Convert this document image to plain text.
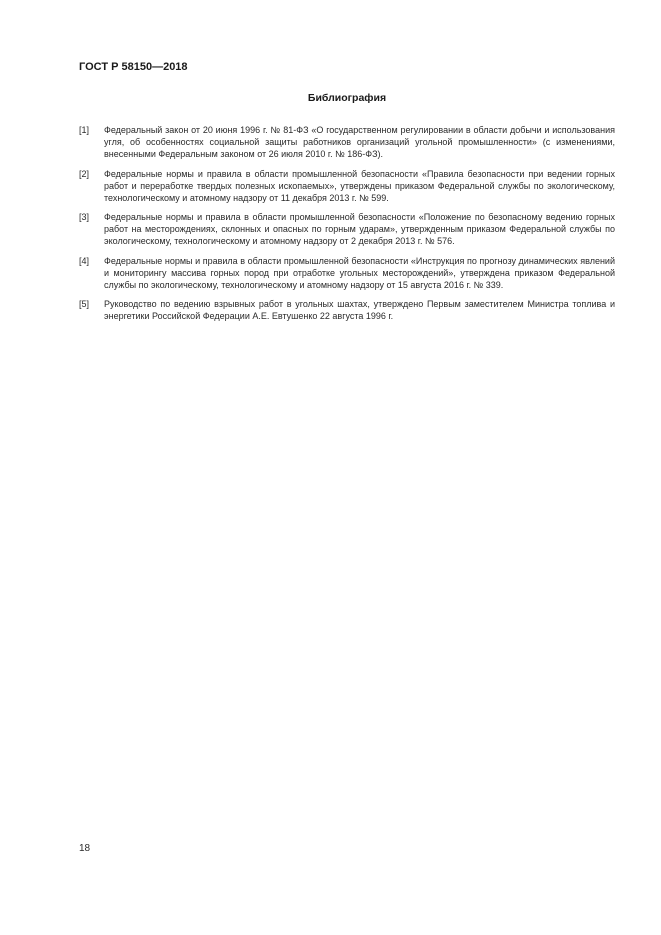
ГОСТ Р 58150—2018
Библиография
[1]	Федеральный закон от 20 июня 1996 г. № 81-ФЗ «О государственном регулировании в области добычи и использования угля, об особенностях социальной защиты работников организаций угольной промышленности» (с изменениями, внесенными Федеральным законом от 26 июля 2010 г. № 186-ФЗ).
[2]	Федеральные нормы и правила в области промышленной безопасности «Правила безопасности при ведении горных работ и переработке твердых полезных ископаемых», утверждены приказом Федеральной службы по экологическому, технологическому и атомному надзору от 11 декабря 2013 г. № 599.
[3]	Федеральные нормы и правила в области промышленной безопасности «Положение по безопасному ведению горных работ на месторождениях, склонных и опасных по горным ударам», утвержденным приказом Федеральной службы по экологическому, технологическому и атомному надзору от 2 декабря 2013 г. № 576.
[4]	Федеральные нормы и правила в области промышленной безопасности «Инструкция по прогнозу динамических явлений и мониторингу массива горных пород при отработке угольных месторождений», утверждена приказом Федеральной службы по экологическому, технологическому и атомному надзору от 15 августа 2016 г. № 339.
[5]	Руководство по ведению взрывных работ в угольных шахтах, утверждено Первым заместителем Министра топлива и энергетики Российской Федерации А.Е. Евтушенко 22 августа 1996 г.
18
